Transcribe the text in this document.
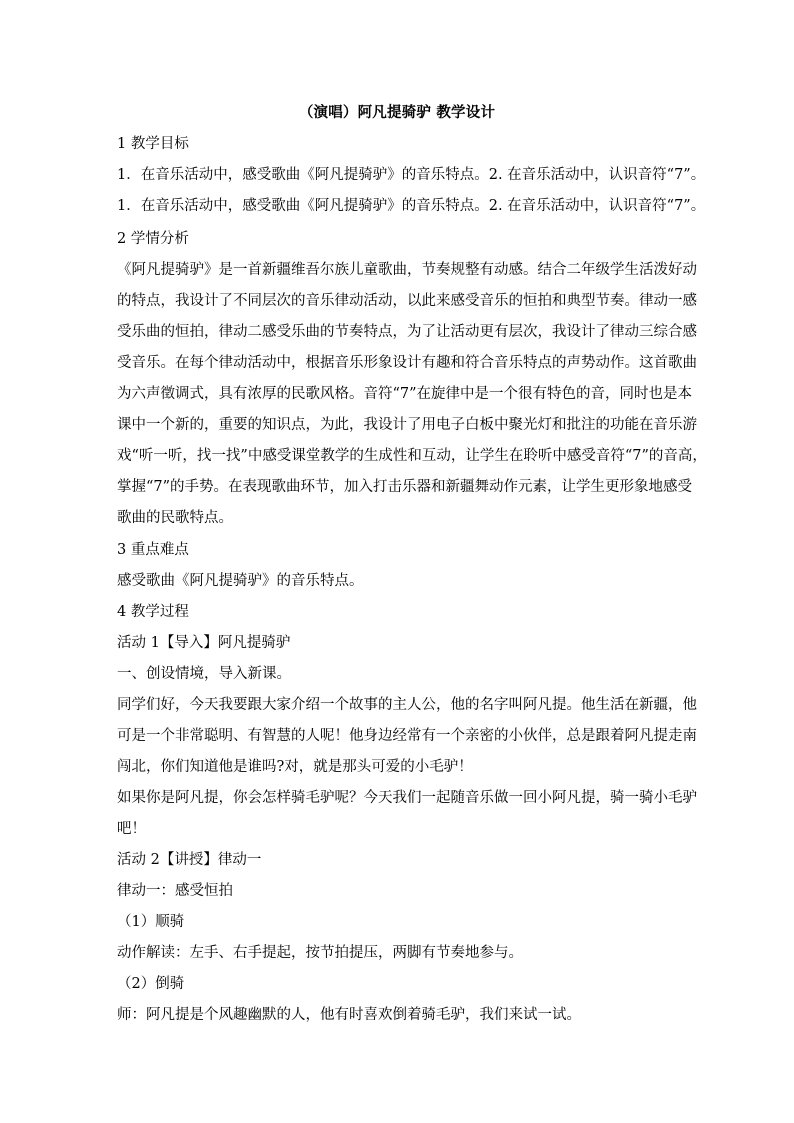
（演唱）阿凡提骑驴 教学设计
1 教学目标
1．在音乐活动中，感受歌曲《阿凡提骑驴》的音乐特点。2. 在音乐活动中，认识音符“7”。
1．在音乐活动中，感受歌曲《阿凡提骑驴》的音乐特点。2. 在音乐活动中，认识音符“7”。
2 学情分析
《阿凡提骑驴》是一首新疆维吾尔族儿童歌曲，节奏规整有动感。结合二年级学生活泼好动
的特点，我设计了不同层次的音乐律动活动，以此来感受音乐的恒拍和典型节奏。律动一感
受乐曲的恒拍，律动二感受乐曲的节奏特点，为了让活动更有层次，我设计了律动三综合感
受音乐。在每个律动活动中，根据音乐形象设计有趣和符合音乐特点的声势动作。这首歌曲
为六声徵调式，具有浓厚的民歌风格。音符“7”在旋律中是一个很有特色的音，同时也是本
课中一个新的，重要的知识点，为此，我设计了用电子白板中聚光灯和批注的功能在音乐游
戏“听一听，找一找”中感受课堂教学的生成性和互动，让学生在聆听中感受音符“7”的音高，
掌握“7”的手势。在表现歌曲环节，加入打击乐器和新疆舞动作元素，让学生更形象地感受
歌曲的民歌特点。
3 重点难点
感受歌曲《阿凡提骑驴》的音乐特点。
4 教学过程
活动 1【导入】阿凡提骑驴
一、创设情境，导入新课。
同学们好，今天我要跟大家介绍一个故事的主人公，他的名字叫阿凡提。他生活在新疆，他
可是一个非常聪明、有智慧的人呢！他身边经常有一个亲密的小伙伴，总是跟着阿凡提走南
闯北，你们知道他是谁吗?对，就是那头可爱的小毛驴！
如果你是阿凡提，你会怎样骑毛驴呢？今天我们一起随音乐做一回小阿凡提，骑一骑小毛驴
吧！
活动 2【讲授】律动一
律动一：感受恒拍
（1）顺骑
动作解读：左手、右手提起，按节拍提压，两脚有节奏地参与。
（2）倒骑
师：阿凡提是个风趣幽默的人，他有时喜欢倒着骑毛驴，我们来试一试。
